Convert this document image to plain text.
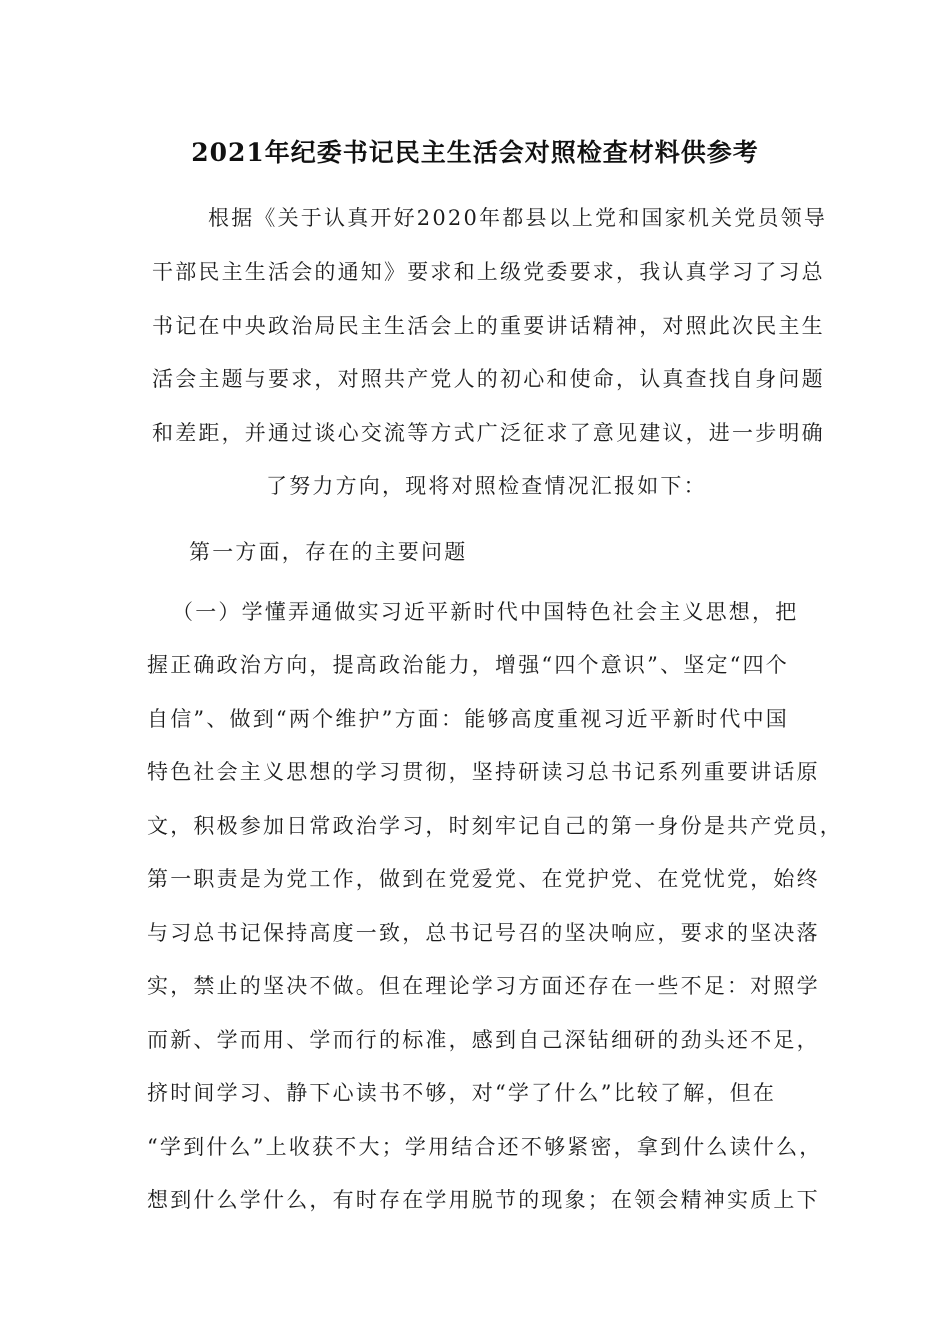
2021年纪委书记民主生活会对照检查材料供参考
根据《关于认真开好2020年都县以上党和国家机关党员领导
干部民主生活会的通知》要求和上级党委要求，我认真学习了习总
书记在中央政治局民主生活会上的重要讲话精神，对照此次民主生
活会主题与要求，对照共产党人的初心和使命，认真查找自身问题
和差距，并通过谈心交流等方式广泛征求了意见建议，进一步明确
了努力方向，现将对照检查情况汇报如下：
第一方面，存在的主要问题
（一）学懂弄通做实习近平新时代中国特色社会主义思想，把
握正确政治方向，提高政治能力，增强“四个意识”、坚定“四个
自信”、做到“两个维护”方面：能够高度重视习近平新时代中国
特色社会主义思想的学习贯彻，坚持研读习总书记系列重要讲话原
文，积极参加日常政治学习，时刻牢记自己的第一身份是共产党员，
第一职责是为党工作，做到在党爱党、在党护党、在党忧党，始终
与习总书记保持高度一致，总书记号召的坚决响应，要求的坚决落
实，禁止的坚决不做。但在理论学习方面还存在一些不足：对照学
而新、学而用、学而行的标准，感到自己深钻细研的劲头还不足，
挤时间学习、静下心读书不够，对“学了什么”比较了解，但在
“学到什么”上收获不大；学用结合还不够紧密，拿到什么读什么，
想到什么学什么，有时存在学用脱节的现象；在领会精神实质上下
